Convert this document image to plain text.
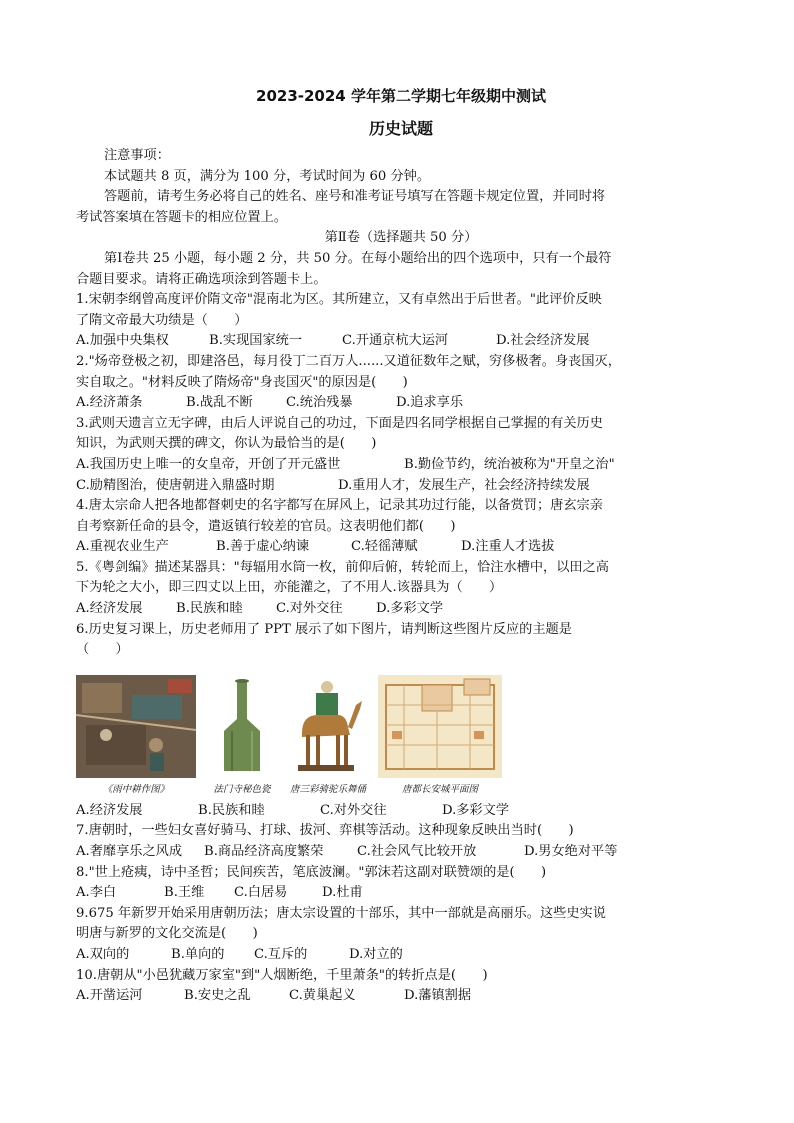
2023-2024 学年第二学期七年级期中测试
历史试题
注意事项：
本试题共 8 页，满分为 100 分，考试时间为 60 分钟。
答题前，请考生务必将自己的姓名、座号和准考证号填写在答题卡规定位置，并同时将
考试答案填在答题卡的相应位置上。
第Ⅱ卷（选择题共 50 分）
第Ⅰ卷共 25 小题，每小题 2 分，共 50 分。在每小题给出的四个选项中，只有一个最符
合题目要求。请将正确选项涂到答题卡上。
1.宋朝李纲曾高度评价隋文帝"混南北为区。其所建立，又有卓然出于后世者。"此评价反映
了隋文帝最大功绩是（　　）
A.加强中央集权	B.实现国家统一	C.开通京杭大运河	D.社会经济发展
2."炀帝登极之初，即建洛邑，每月役丁二百万人......又道征数年之赋，穷侈极奢。身丧国灭，
实自取之。"材料反映了隋炀帝"身丧国灭"的原因是(　　)
A.经济萧条	B.战乱不断	C.统治残暴	D.追求享乐
3.武则天遗言立无字碑，由后人评说自己的功过，下面是四名同学根据自己掌握的有关历史
知识，为武则天撰的碑文，你认为最恰当的是(　　)
A.我国历史上唯一的女皇帝，开创了开元盛世	B.勤俭节约，统治被称为"开皇之治"
C.励精图治，使唐朝进入鼎盛时期	D.重用人才，发展生产，社会经济持续发展
4.唐太宗命人把各地都督刺史的名字都写在屏风上，记录其功过行能，以备赏罚；唐玄宗亲
自考察新任命的县令，遣返镇行较差的官员。这表明他们都(　　)
A.重视农业生产	B.善于虚心纳谏	C.轻徭薄赋	D.注重人才选拔
5.《粤剑编》描述某器具："每辐用水筒一枚，前仰后俯，转轮而上，恰注水槽中，以田之高
下为轮之大小，即三四丈以上田，亦能灌之，了不用人.该器具为（　　）
A.经济发展	B.民族和睦	C.对外交往	D.多彩文学
6.历史复习课上，历史老师用了 PPT 展示了如下图片，请判断这些图片反应的主题是
（　　）
《雨中耕作图》	法门寺秘色瓷 唐三彩骑驼乐舞俑	唐都长安城平面图
A.经济发展	B.民族和睦	C.对外交往	D.多彩文学
7.唐朝时，一些妇女喜好骑马、打球、拔河、弈棋等活动。这种现象反映出当时(　　)
A.奢靡享乐之风成	B.商品经济高度繁荣	C.社会风气比较开放	D.男女绝对平等
8."世上疮痍，诗中圣哲；民间疾苦，笔底波澜。"郭沫若这副对联赞颂的是(　　)
A.李白	B.王维	C.白居易	D.杜甫
9.675 年新罗开始采用唐朝历法；唐太宗设置的十部乐，其中一部就是高丽乐。这些史实说
明唐与新罗的文化交流是(　　)
A.双向的	B.单向的	C.互斥的	D.对立的
10.唐朝从"小邑犹藏万家室"到"人烟断绝，千里萧条"的转折点是(　　)
A.开凿运河	B.安史之乱	C.黄巢起义	D.藩镇割据
